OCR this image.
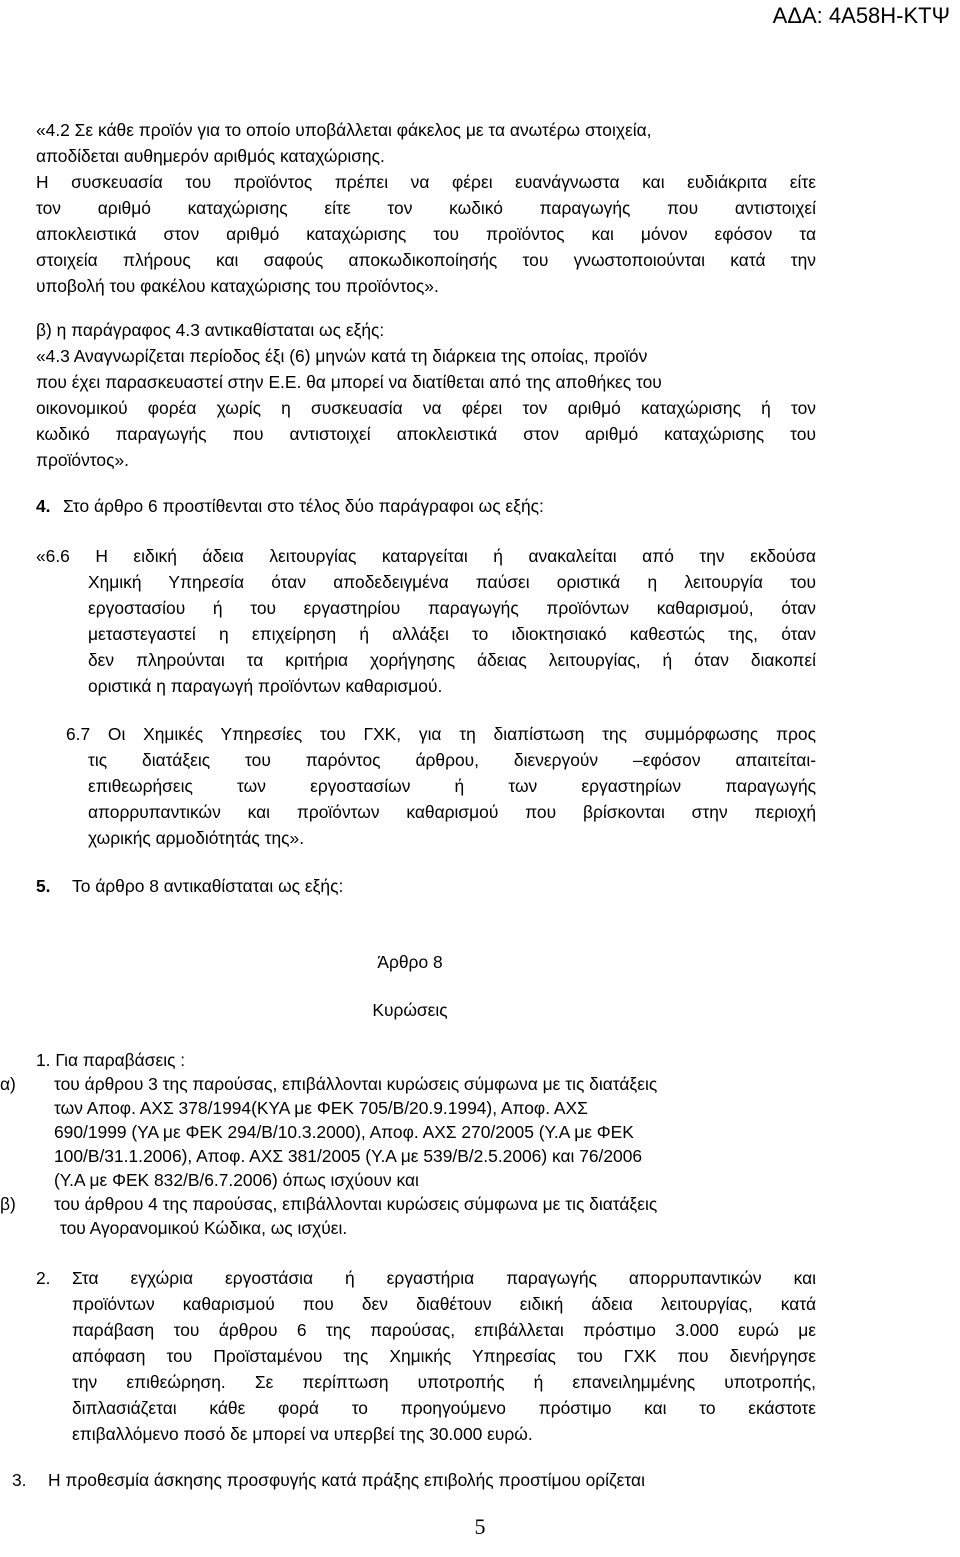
ΑΔΑ: 4Α58Η-ΚΤΨ

«4.2 Σε κάθε προϊόν για το οποίο υποβάλλεται φάκελος με τα ανωτέρω στοιχεία,

αποδίδεται αυθημερόν αριθμός καταχώρισης.

Η συσκευασία του προϊόντος πρέπει να φέρει ευανάγνωστα και ευδιάκριτα είτε

τον αριθμό καταχώρισης είτε τον κωδικό παραγωγής που αντιστοιχεί

αποκλειστικά στον αριθμό καταχώρισης του προϊόντος και μόνον εφόσον τα

στοιχεία πλήρους και σαφούς αποκωδικοποίησής του γνωστοποιούνται κατά την

υποβολή του φακέλου καταχώρισης του προϊόντος».

β) η παράγραφος 4.3 αντικαθίσταται ως εξής:

«4.3 Αναγνωρίζεται περίοδος έξι (6) μηνών κατά τη διάρκεια της οποίας, προϊόν

που έχει παρασκευαστεί στην Ε.Ε. θα μπορεί να διατίθεται από της αποθήκες του

οικονομικού φορέα χωρίς η συσκευασία να φέρει τον αριθμό καταχώρισης ή τον

κωδικό παραγωγής που αντιστοιχεί αποκλειστικά στον αριθμό καταχώρισης του

προϊόντος».

4. Στο άρθρο 6 προστίθενται στο τέλος δύο παράγραφοι ως εξής:

«6.6 Η ειδική άδεια λειτουργίας καταργείται ή ανακαλείται από την εκδούσα

Χημική Υπηρεσία όταν αποδεδειγμένα παύσει οριστικά η λειτουργία του

εργοστασίου ή του εργαστηρίου παραγωγής προϊόντων καθαρισμού, όταν

μεταστεγαστεί η επιχείρηση ή αλλάξει το ιδιοκτησιακό καθεστώς της, όταν

δεν πληρούνται τα κριτήρια χορήγησης άδειας λειτουργίας, ή όταν διακοπεί

οριστικά η παραγωγή προϊόντων καθαρισμού.

6.7 Οι Χημικές Υπηρεσίες του ΓΧΚ, για τη διαπίστωση της συμμόρφωσης προς

τις διατάξεις του παρόντος άρθρου, διενεργούν –εφόσον απαιτείται-

επιθεωρήσεις των εργοστασίων ή των εργαστηρίων παραγωγής

απορρυπαντικών και προϊόντων καθαρισμού που βρίσκονται στην περιοχή

χωρικής αρμοδιότητάς της».

5. Το άρθρο 8 αντικαθίσταται ως εξής:

Άρθρο 8

Κυρώσεις

1. Για παραβάσεις :

α) του άρθρου 3 της παρούσας, επιβάλλονται κυρώσεις σύμφωνα με τις διατάξεις

των Αποφ. ΑΧΣ 378/1994(ΚΥΑ με ΦΕΚ 705/Β/20.9.1994), Αποφ. ΑΧΣ

690/1999 (ΥΑ με ΦΕΚ 294/Β/10.3.2000), Αποφ. ΑΧΣ 270/2005 (Υ.Α με ΦΕΚ

100/Β/31.1.2006), Αποφ. ΑΧΣ 381/2005 (Υ.Α με 539/Β/2.5.2006) και 76/2006

(Υ.Α με ΦΕΚ 832/Β/6.7.2006) όπως ισχύουν και

β) του άρθρου 4 της παρούσας, επιβάλλονται κυρώσεις σύμφωνα με τις διατάξεις

του Αγορανομικού Κώδικα, ως ισχύει.

2. Στα εγχώρια εργοστάσια ή εργαστήρια παραγωγής απορρυπαντικών και

προϊόντων καθαρισμού που δεν διαθέτουν ειδική άδεια λειτουργίας, κατά

παράβαση του άρθρου 6 της παρούσας, επιβάλλεται πρόστιμο 3.000 ευρώ με

απόφαση του Προϊσταμένου της Χημικής Υπηρεσίας του ΓΧΚ που διενήργησε

την επιθεώρηση. Σε περίπτωση υποτροπής ή επανειλημμένης υποτροπής,

διπλασιάζεται κάθε φορά το προηγούμενο πρόστιμο και το εκάστοτε

επιβαλλόμενο ποσό δε μπορεί να υπερβεί της 30.000 ευρώ.

3. Η προθεσμία άσκησης προσφυγής κατά πράξης επιβολής προστίμου ορίζεται

5
